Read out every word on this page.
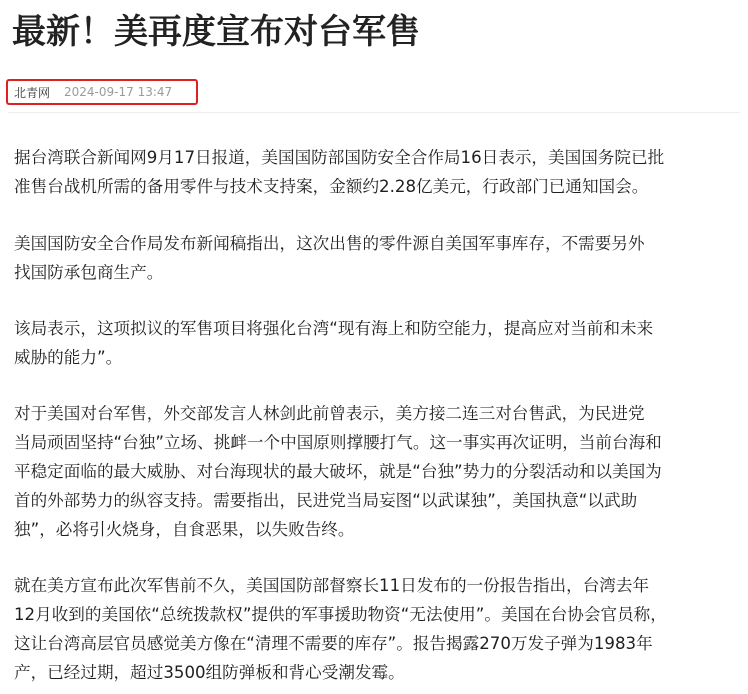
最新！美再度宣布对台军售
北青网 2024-09-17 13:47

据台湾联合新闻网9月17日报道，美国国防部国防安全合作局16日表示，美国国务院已批
准售台战机所需的备用零件与技术支持案，金额约2.28亿美元，行政部门已通知国会。

美国国防安全合作局发布新闻稿指出，这次出售的零件源自美国军事库存，不需要另外
找国防承包商生产。

该局表示，这项拟议的军售项目将强化台湾“现有海上和防空能力，提高应对当前和未来
威胁的能力”。

对于美国对台军售，外交部发言人林剑此前曾表示，美方接二连三对台售武，为民进党
当局顽固坚持“台独”立场、挑衅一个中国原则撑腰打气。这一事实再次证明，当前台海和
平稳定面临的最大威胁、对台海现状的最大破坏，就是“台独”势力的分裂活动和以美国为
首的外部势力的纵容支持。需要指出，民进党当局妄图“以武谋独”，美国执意“以武助
独”，必将引火烧身，自食恶果，以失败告终。

就在美方宣布此次军售前不久，美国国防部督察长11日发布的一份报告指出，台湾去年
12月收到的美国依“总统拨款权”提供的军事援助物资“无法使用”。美国在台协会官员称，
这让台湾高层官员感觉美方像在“清理不需要的库存”。报告揭露270万发子弹为1983年
产，已经过期，超过3500组防弹板和背心受潮发霉。
